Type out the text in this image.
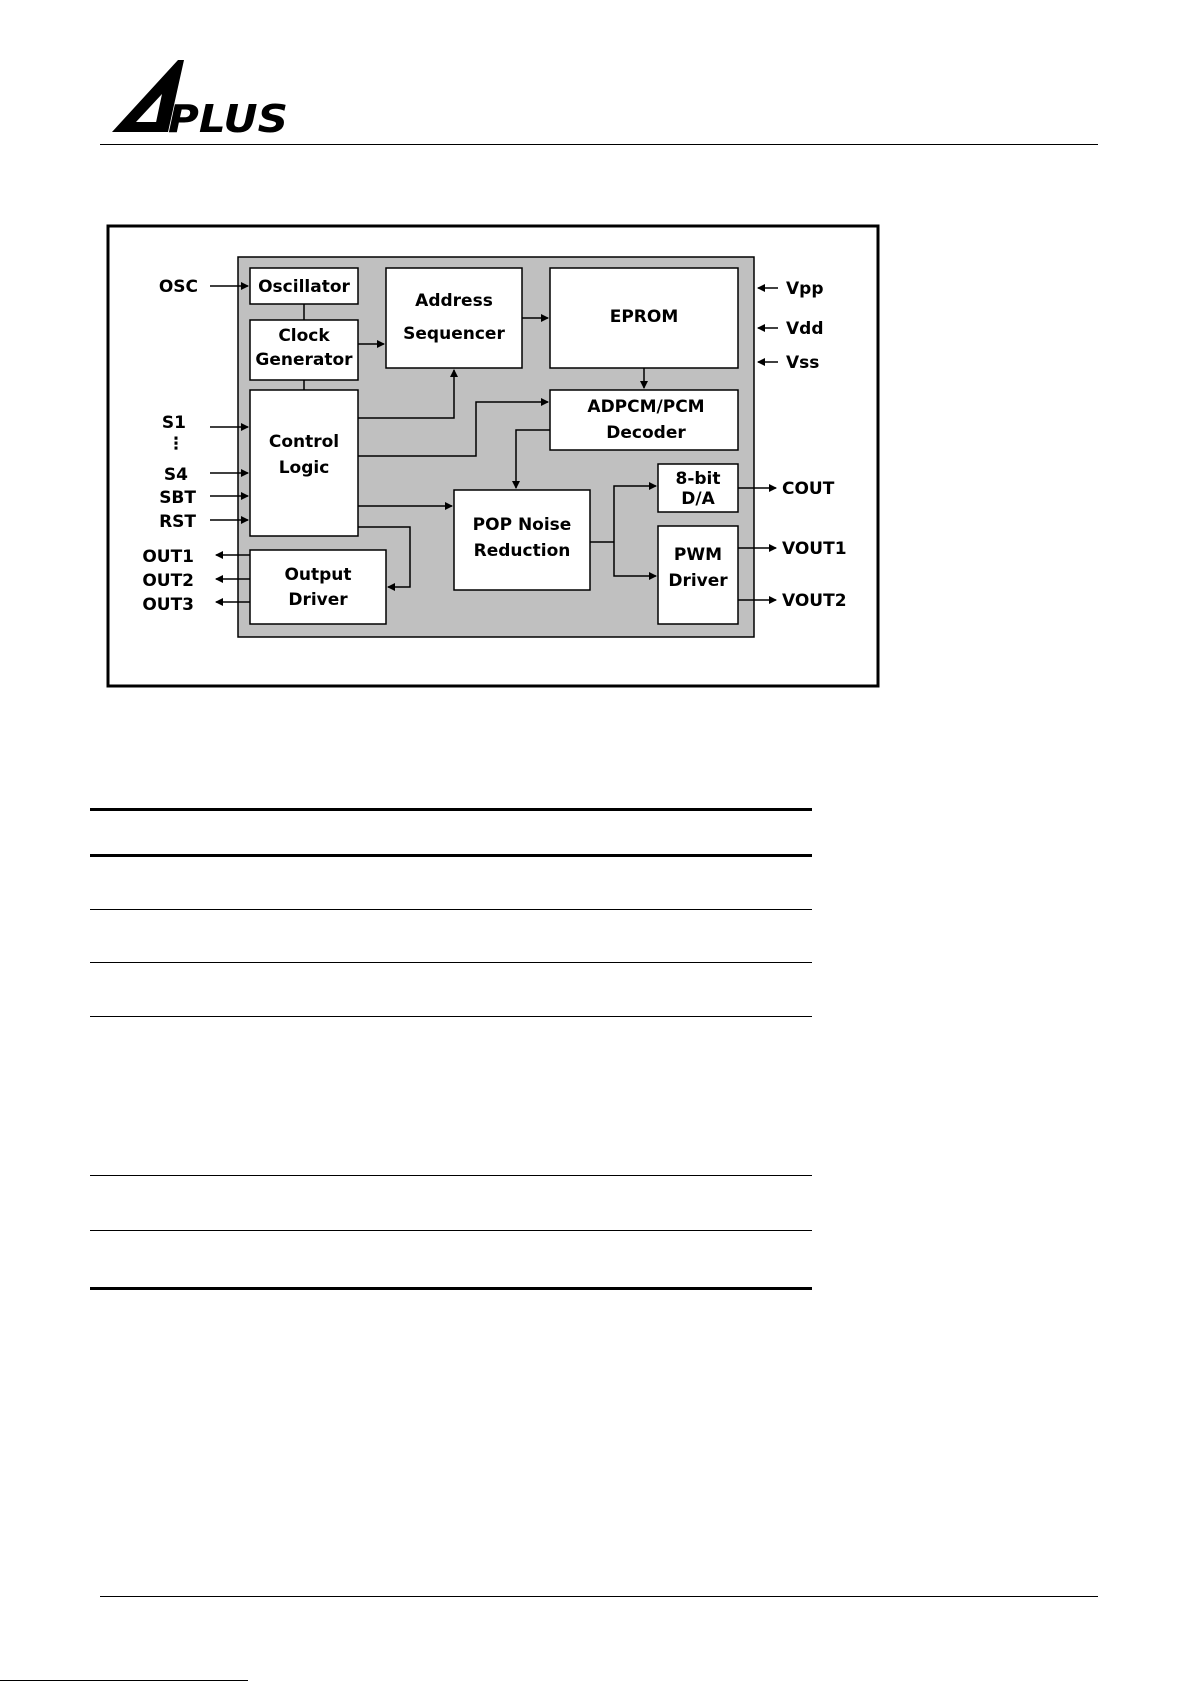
PLUS
Oscillator
Clock
Generator
Address
Sequencer
EPROM
ADPCM/PCM
Decoder
Control
Logic
8-bit
D/A
POP Noise
Reduction	PWM
Driver
Output
Driver
OSC
S1
⋮
S4
SBT
RST
OUT1
OUT2
OUT3
Vpp
Vdd
Vss
COUT
VOUT1
VOUT2
